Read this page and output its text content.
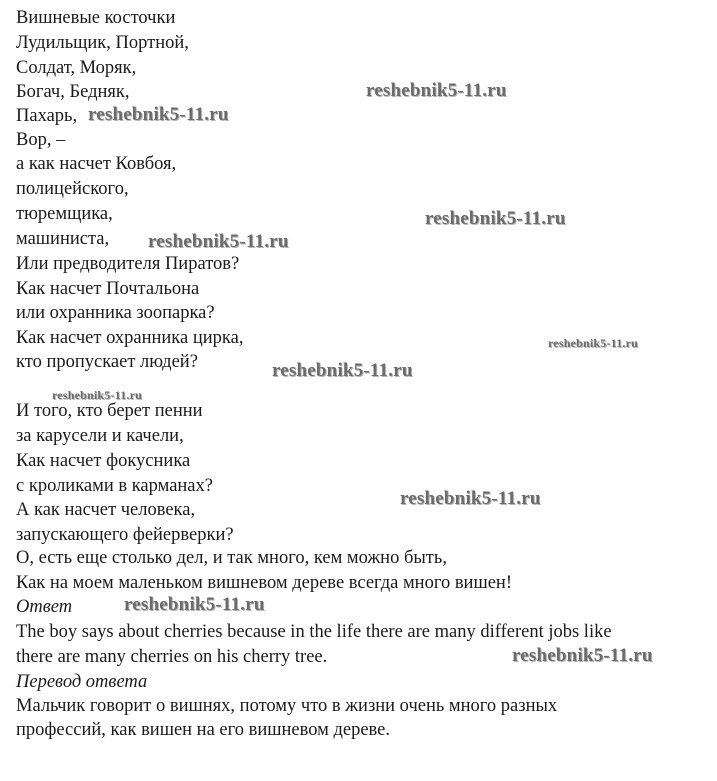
Вишневые косточки
Лудильщик, Портной,
Солдат, Моряк,
Богач, Бедняк,
Пахарь,
Вор, –
а как насчет Ковбоя,
полицейского,
тюремщика,
машиниста,
Или предводителя Пиратов?
Как насчет Почтальона
или охранника зоопарка?
Как насчет охранника цирка,
кто пропускает людей?
И того, кто берет пенни
за карусели и качели,
Как насчет фокусника
с кроликами в карманах?
А как насчет человека,
запускающего фейерверки?
О, есть еще столько дел, и так много, кем можно быть,
Как на моем маленьком вишневом дереве всегда много вишен!
Ответ
The boy says about cherries because in the life there are many different jobs like
there are many cherries on his cherry tree.
Перевод ответа
Мальчик говорит о вишнях, потому что в жизни очень много разных
профессий, как вишен на его вишневом дереве.
reshebnik5-11.ru
reshebnik5-11.ru
reshebnik5-11.ru
reshebnik5-11.ru
reshebnik5-11.ru
reshebnik5-11.ru
reshebnik5-11.ru
reshebnik5-11.ru
reshebnik5-11.ru
reshebnik5-11.ru
